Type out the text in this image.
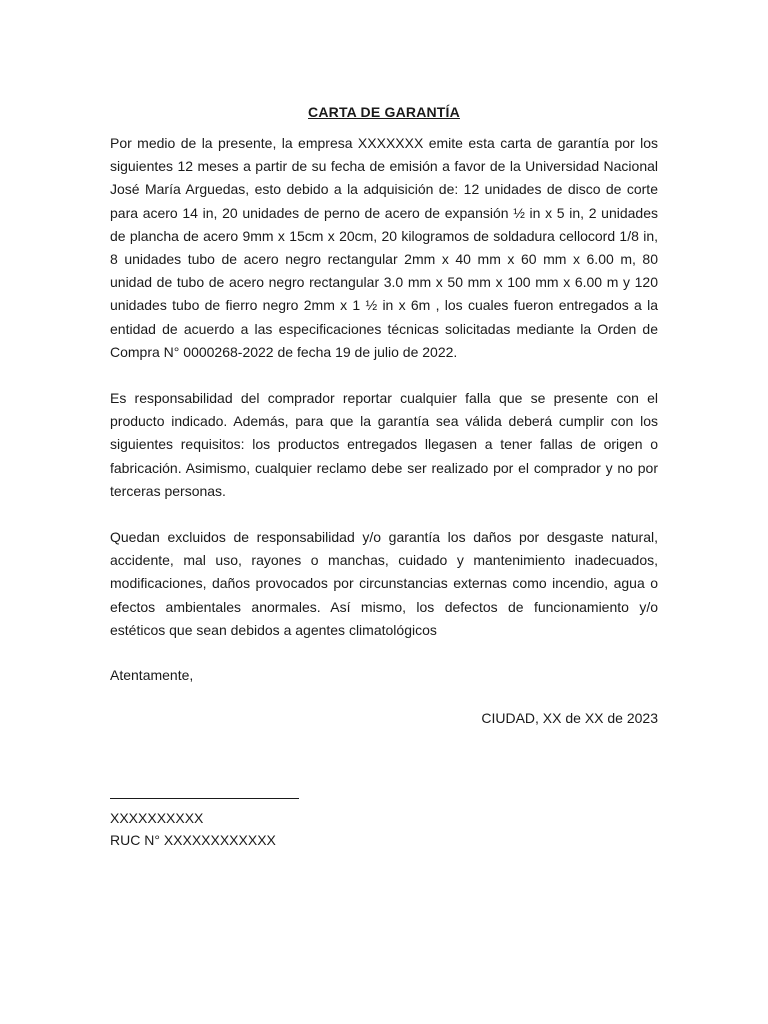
CARTA DE GARANTÍA

Por medio de la presente, la empresa XXXXXXX emite esta carta de garantía por los siguientes 12 meses a partir de su fecha de emisión a favor de la Universidad Nacional José María Arguedas, esto debido a la adquisición de: 12 unidades de disco de corte para acero 14 in, 20 unidades de perno de acero de expansión ½ in x 5 in, 2 unidades de plancha de acero 9mm x 15cm x 20cm, 20 kilogramos de soldadura cellocord 1/8 in, 8 unidades tubo de acero negro rectangular 2mm x 40 mm x 60 mm x 6.00 m, 80 unidad de tubo de acero negro rectangular 3.0 mm x 50 mm x 100 mm x 6.00 m y 120 unidades tubo de fierro negro 2mm x 1 ½ in x 6m , los cuales fueron entregados a la entidad de acuerdo a las especificaciones técnicas solicitadas mediante la Orden de Compra N° 0000268-2022 de fecha 19 de julio de 2022.

Es responsabilidad del comprador reportar cualquier falla que se presente con el producto indicado. Además, para que la garantía sea válida deberá cumplir con los siguientes requisitos: los productos entregados llegasen a tener fallas de origen o fabricación. Asimismo, cualquier reclamo debe ser realizado por el comprador y no por terceras personas.

Quedan excluidos de responsabilidad y/o garantía los daños por desgaste natural, accidente, mal uso, rayones o manchas, cuidado y mantenimiento inadecuados, modificaciones, daños provocados por circunstancias externas como incendio, agua o efectos ambientales anormales. Así mismo, los defectos de funcionamiento y/o estéticos que sean debidos a agentes climatológicos

Atentamente,

CIUDAD, XX de XX de 2023

XXXXXXXXXX
RUC N° XXXXXXXXXXXX
